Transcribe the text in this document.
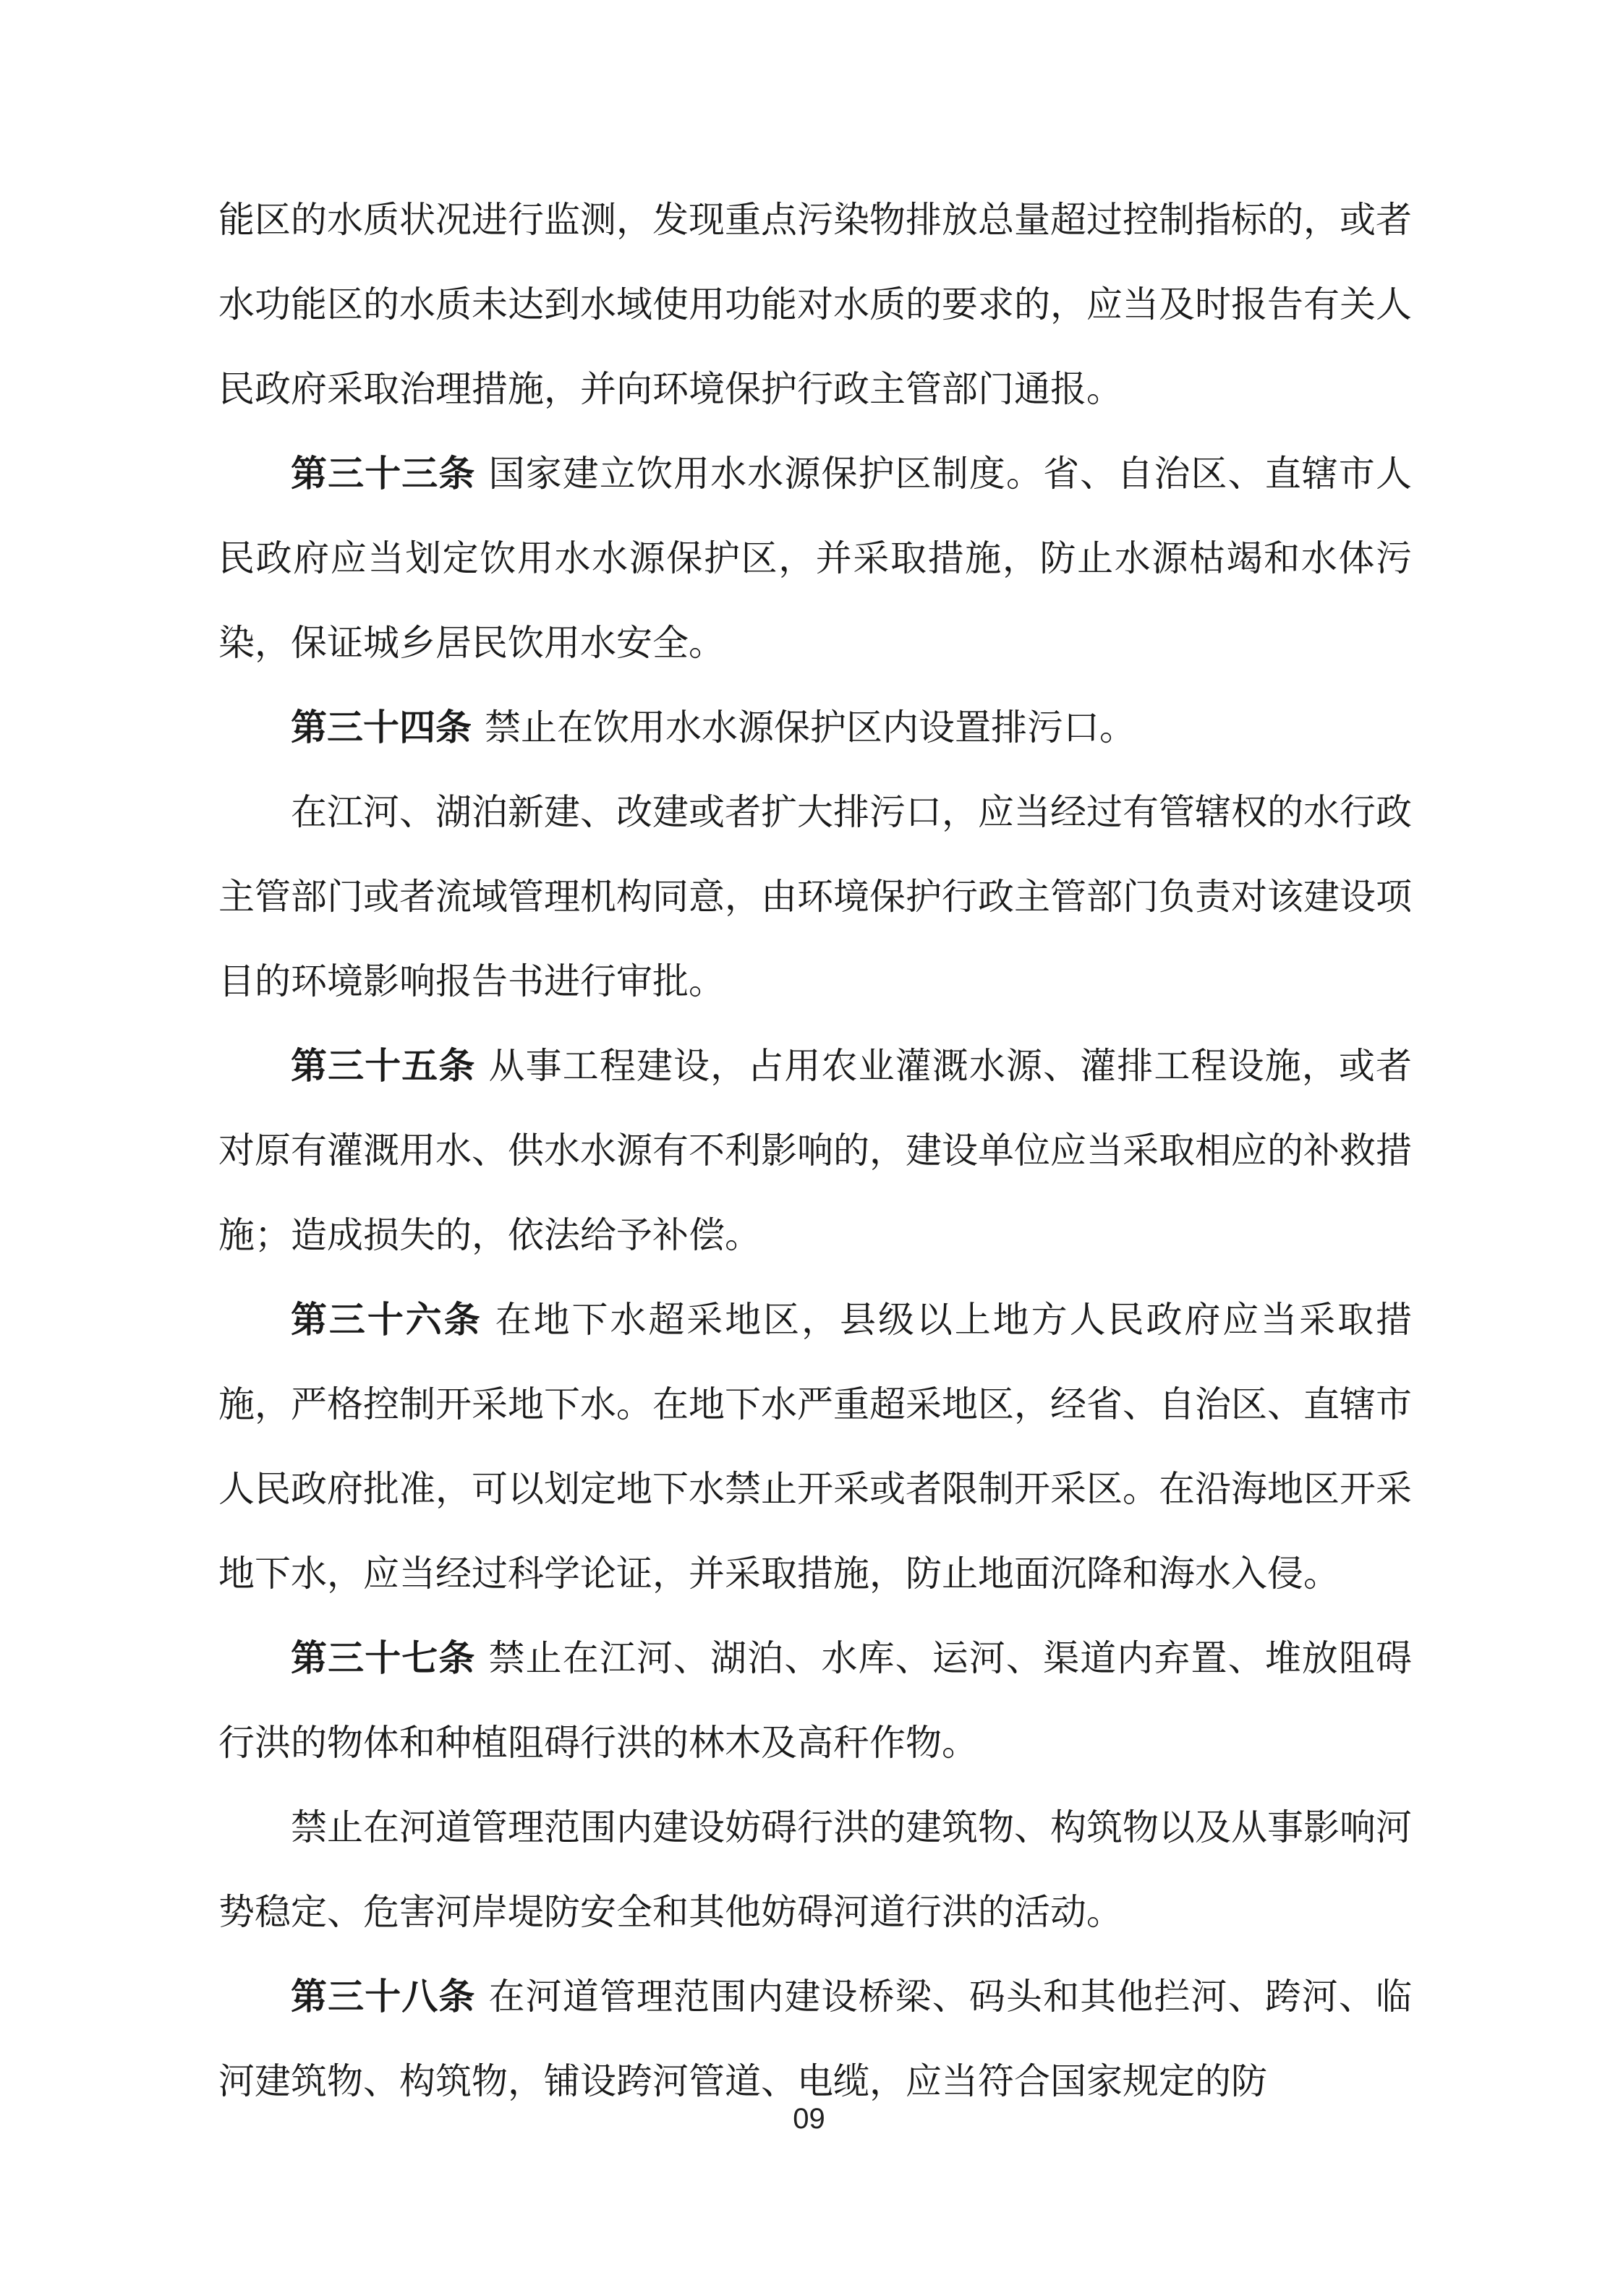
能区的水质状况进行监测，发现重点污染物排放总量超过控制指标的，或者水功能区的水质未达到水域使用功能对水质的要求的，应当及时报告有关人民政府采取治理措施，并向环境保护行政主管部门通报。

第三十三条 国家建立饮用水水源保护区制度。省、自治区、直辖市人民政府应当划定饮用水水源保护区，并采取措施，防止水源枯竭和水体污染，保证城乡居民饮用水安全。

第三十四条 禁止在饮用水水源保护区内设置排污口。

在江河、湖泊新建、改建或者扩大排污口，应当经过有管辖权的水行政主管部门或者流域管理机构同意，由环境保护行政主管部门负责对该建设项目的环境影响报告书进行审批。

第三十五条 从事工程建设，占用农业灌溉水源、灌排工程设施，或者对原有灌溉用水、供水水源有不利影响的，建设单位应当采取相应的补救措施；造成损失的，依法给予补偿。

第三十六条 在地下水超采地区，县级以上地方人民政府应当采取措施，严格控制开采地下水。在地下水严重超采地区，经省、自治区、直辖市人民政府批准，可以划定地下水禁止开采或者限制开采区。在沿海地区开采地下水，应当经过科学论证，并采取措施，防止地面沉降和海水入侵。

第三十七条 禁止在江河、湖泊、水库、运河、渠道内弃置、堆放阻碍行洪的物体和种植阻碍行洪的林木及高秆作物。

禁止在河道管理范围内建设妨碍行洪的建筑物、构筑物以及从事影响河势稳定、危害河岸堤防安全和其他妨碍河道行洪的活动。

第三十八条 在河道管理范围内建设桥梁、码头和其他拦河、跨河、临河建筑物、构筑物，铺设跨河管道、电缆，应当符合国家规定的防

09
